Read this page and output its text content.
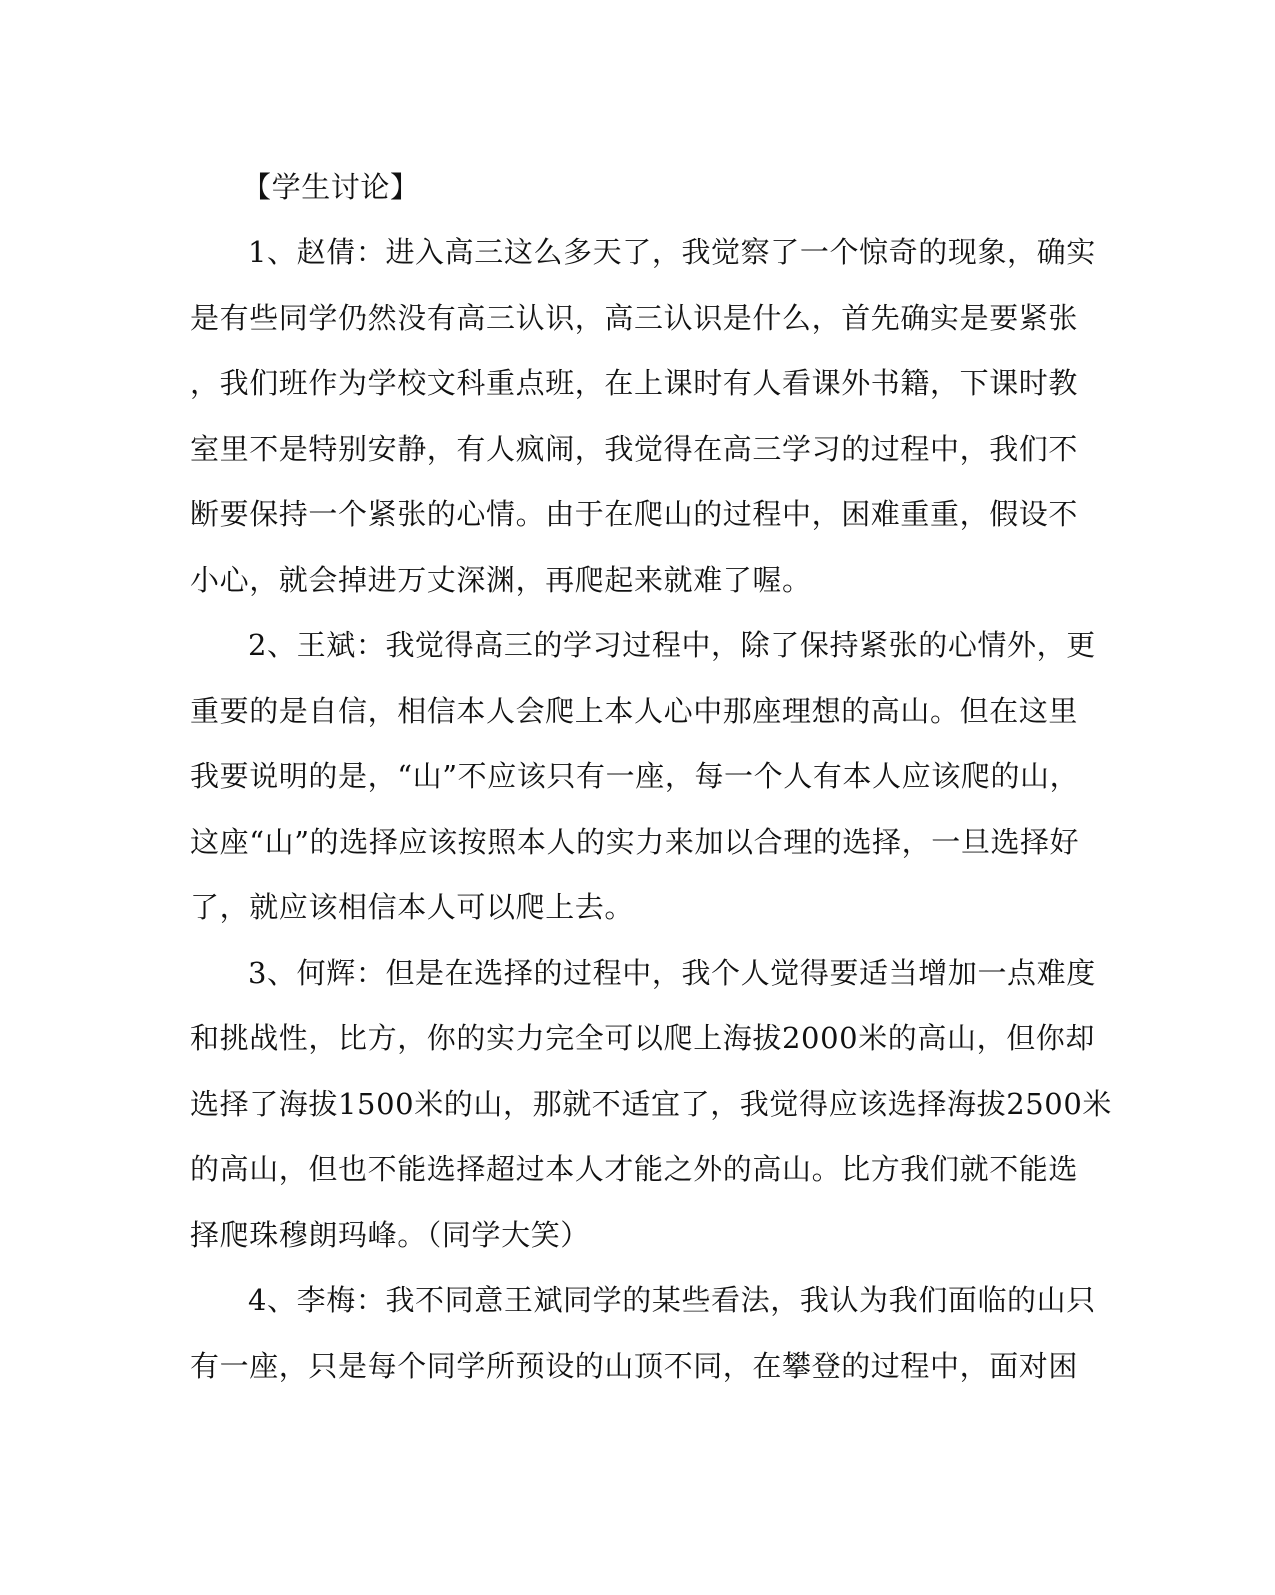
【学生讨论】
1、赵倩：进入高三这么多天了，我觉察了一个惊奇的现象，确实
是有些同学仍然没有高三认识，高三认识是什么，首先确实是要紧张
，我们班作为学校文科重点班，在上课时有人看课外书籍，下课时教
室里不是特别安静，有人疯闹，我觉得在高三学习的过程中，我们不
断要保持一个紧张的心情。由于在爬山的过程中，困难重重，假设不
小心，就会掉进万丈深渊，再爬起来就难了喔。
2、王斌：我觉得高三的学习过程中，除了保持紧张的心情外，更
重要的是自信，相信本人会爬上本人心中那座理想的高山。但在这里
我要说明的是，“山”不应该只有一座，每一个人有本人应该爬的山，
这座“山”的选择应该按照本人的实力来加以合理的选择，一旦选择好
了，就应该相信本人可以爬上去。
3、何辉：但是在选择的过程中，我个人觉得要适当增加一点难度
和挑战性，比方，你的实力完全可以爬上海拔2000米的高山，但你却
选择了海拔1500米的山，那就不适宜了，我觉得应该选择海拔2500米
的高山，但也不能选择超过本人才能之外的高山。比方我们就不能选
择爬珠穆朗玛峰。（同学大笑）
4、李梅：我不同意王斌同学的某些看法，我认为我们面临的山只
有一座，只是每个同学所预设的山顶不同，在攀登的过程中，面对困
